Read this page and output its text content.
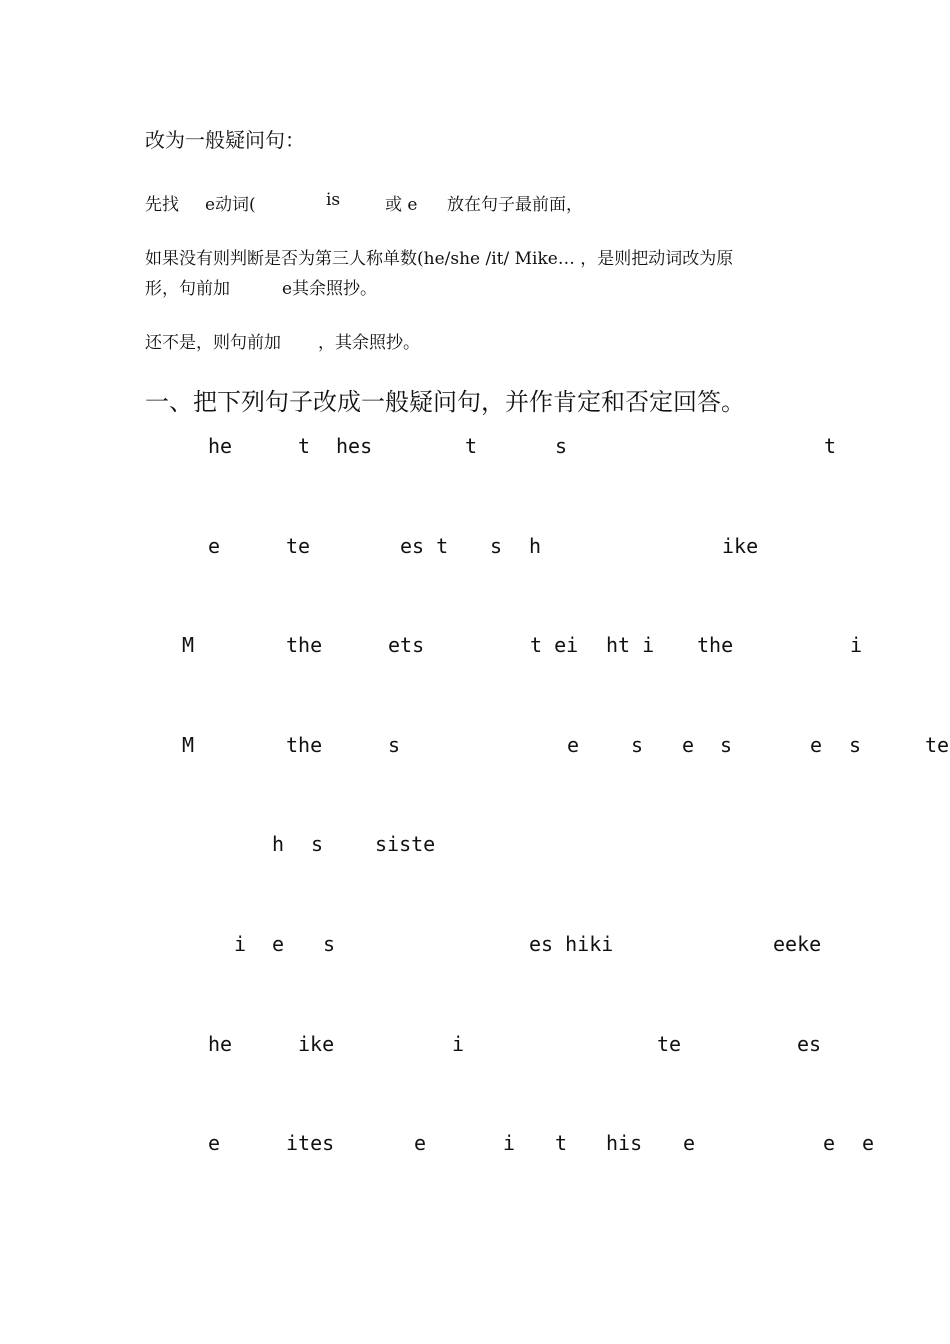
改为一般疑问句：
先找 e动词(	is	或 e 放在句子最前面，
如果没有则判断是否为第三人称单数(he/she /it/ Mike… ，是则把动词改为原
形，句前加	e其余照抄。
还不是，则句前加 ，其余照抄。
一、把下列句子改成一般疑问句，并作肯定和否定回答。
he	t hes	t	s	t
e	te	es t s h	ike
M	the	ets	t ei ht i the	i
M	the	s	e	s e s	e s	te
h s	siste
i e s	es hiki	eeke
he	ike	i	te	es
e	ites	e	i t his e	e e
